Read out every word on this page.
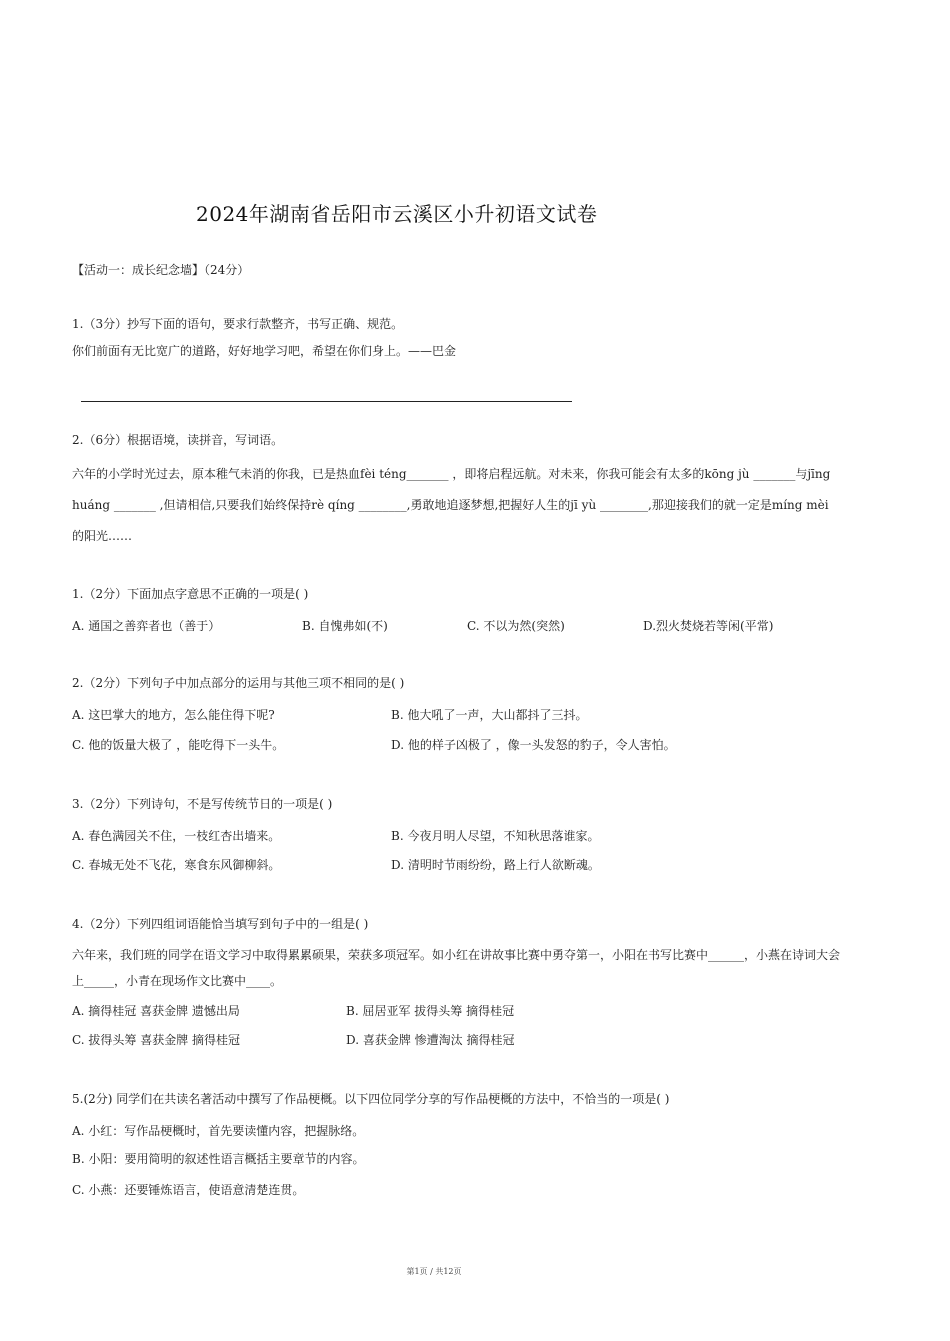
2024年湖南省岳阳市云溪区小升初语文试卷
【活动一：成长纪念墙】（24分）
1.（3分）抄写下面的语句，要求行款整齐，书写正确、规范。
你们前面有无比宽广的道路，好好地学习吧，希望在你们身上。——巴金
2.（6分）根据语境，读拼音，写词语。
六年的小学时光过去，原本稚气未消的你我，已是热血fèi téng_______ ，即将启程远航。对未来，你我可能会有太多的kōng jù _______与jīng
huáng _______ ,但请相信,只要我们始终保持rè qíng ________,勇敢地追逐梦想,把握好人生的jī yù ________,那迎接我们的就一定是míng mèi
的阳光……
1.（2分）下面加点字意思不正确的一项是( )
A. 通国之善弈者也（善于）	B. 自愧弗如(不)	C. 不以为然(突然)	D.烈火焚烧若等闲(平常)
2.（2分）下列句子中加点部分的运用与其他三项不相同的是( )
A. 这巴掌大的地方，怎么能住得下呢?	B. 他大吼了一声，大山都抖了三抖。
C. 他的饭量大极了 ，能吃得下一头牛。	D. 他的样子凶极了 ，像一头发怒的豹子，令人害怕。
3.（2分）下列诗句，不是写传统节日的一项是( )
A. 春色满园关不住，一枝红杏出墙来。	B. 今夜月明人尽望，不知秋思落谁家。
C. 春城无处不飞花，寒食东风御柳斜。	D. 清明时节雨纷纷，路上行人欲断魂。
4.（2分）下列四组词语能恰当填写到句子中的一组是( )
六年来，我们班的同学在语文学习中取得累累硕果，荣获多项冠军。如小红在讲故事比赛中勇夺第一，小阳在书写比赛中______，小燕在诗词大会
上_____，小青在现场作文比赛中____。
A. 摘得桂冠 喜获金牌 遗憾出局	B. 屈居亚军 拔得头筹 摘得桂冠
C. 拔得头筹 喜获金牌 摘得桂冠	D. 喜获金牌 惨遭淘汰 摘得桂冠
5.(2分) 同学们在共读名著活动中撰写了作品梗概。以下四位同学分享的写作品梗概的方法中，不恰当的一项是( )
A. 小红：写作品梗概时，首先要读懂内容，把握脉络。
B. 小阳：要用简明的叙述性语言概括主要章节的内容。
C. 小燕：还要锤炼语言，使语意清楚连贯。
第1页 / 共12页
